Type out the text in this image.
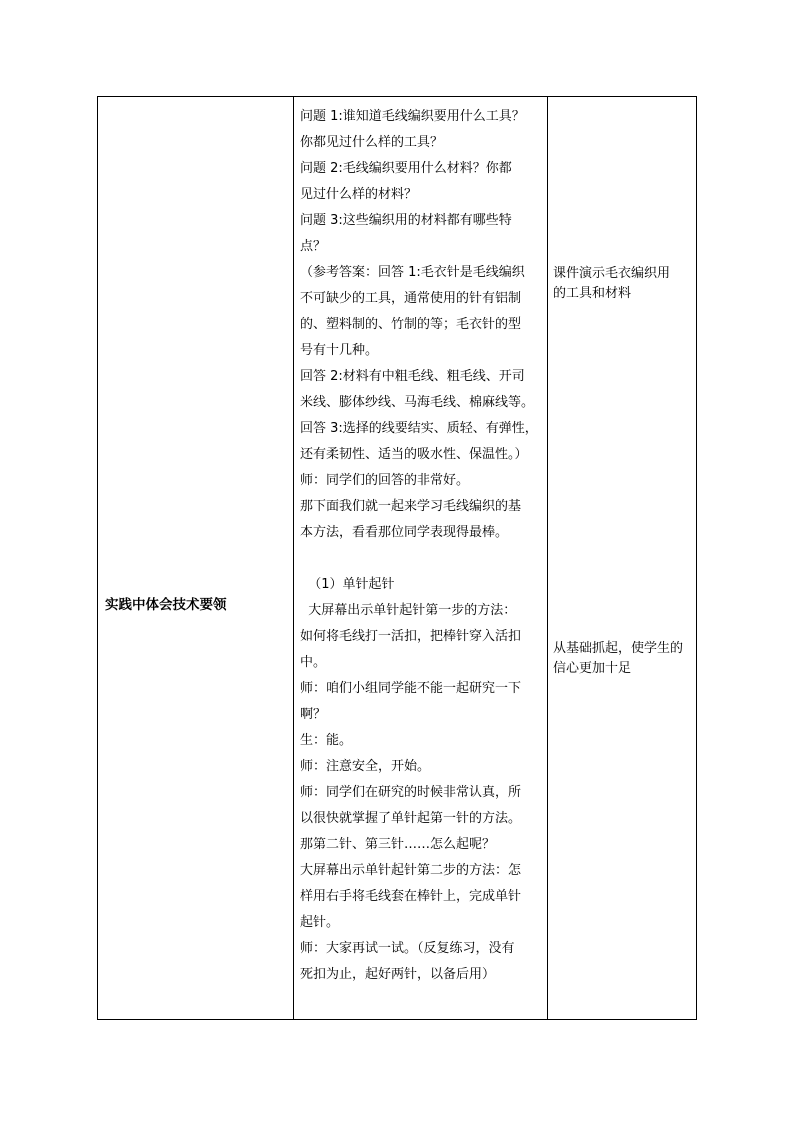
实践中体会技术要领
问题 1:谁知道毛线编织要用什么工具？
你都见过什么样的工具？
问题 2:毛线编织要用什么材料？你都
见过什么样的材料？
问题 3:这些编织用的材料都有哪些特
点？
（参考答案：回答 1:毛衣针是毛线编织
不可缺少的工具，通常使用的针有铝制
的、塑料制的、竹制的等；毛衣针的型
号有十几种。
回答 2:材料有中粗毛线、粗毛线、开司
米线、膨体纱线、马海毛线、棉麻线等。
回答 3:选择的线要结实、质轻、有弹性，
还有柔韧性、适当的吸水性、保温性。）
师：同学们的回答的非常好。
那下面我们就一起来学习毛线编织的基
本方法，看看那位同学表现得最棒。
（1）单针起针
大屏幕出示单针起针第一步的方法：
如何将毛线打一活扣，把棒针穿入活扣
中。
师：咱们小组同学能不能一起研究一下
啊？
生：能。
师：注意安全，开始。
师：同学们在研究的时候非常认真，所
以很快就掌握了单针起第一针的方法。
那第二针、第三针……怎么起呢？
大屏幕出示单针起针第二步的方法：怎
样用右手将毛线套在棒针上，完成单针
起针。
师：大家再试一试。（反复练习，没有
死扣为止，起好两针，以备后用）
课件演示毛衣编织用
的工具和材料
从基础抓起，使学生的
信心更加十足
